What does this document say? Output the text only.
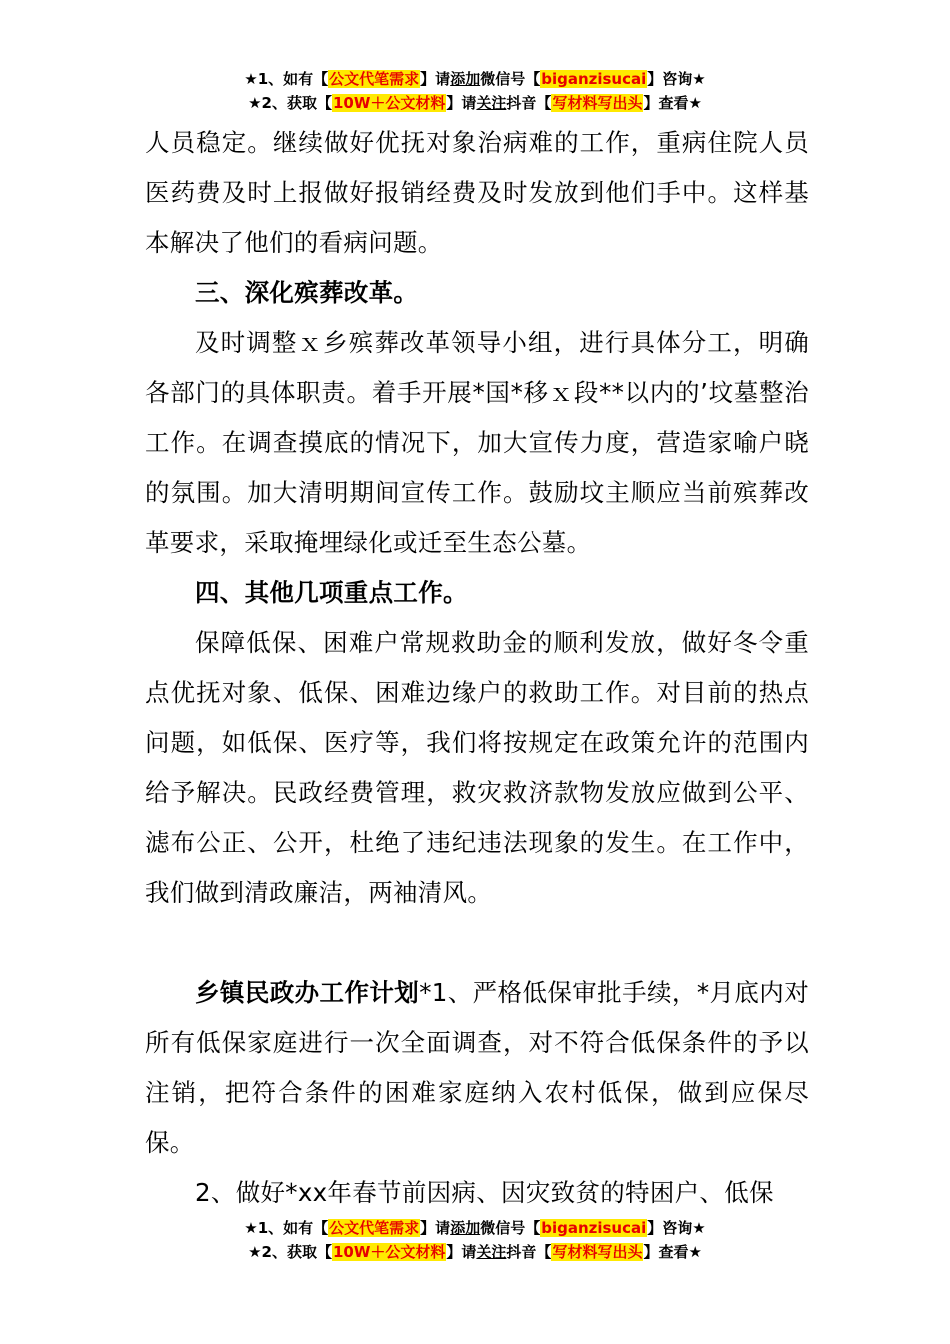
★1、如有【公文代笔需求】请添加微信号【biganzisucai】咨询★
★2、获取【10W＋公文材料】请关注抖音【写材料写出头】查看★

人员稳定。继续做好优抚对象治病难的工作，重病住院人员医药费及时上报做好报销经费及时发放到他们手中。这样基本解决了他们的看病问题。

三、深化殡葬改革。

及时调整ｘ乡殡葬改革领导小组，进行具体分工，明确各部门的具体职责。着手开展*国*移ｘ段**以内的’坟墓整治工作。在调查摸底的情况下，加大宣传力度，营造家喻户晓的氛围。加大清明期间宣传工作。鼓励坟主顺应当前殡葬改革要求，采取掩埋绿化或迁至生态公墓。

四、其他几项重点工作。

保障低保、困难户常规救助金的顺利发放，做好冬令重点优抚对象、低保、困难边缘户的救助工作。对目前的热点问题，如低保、医疗等，我们将按规定在政策允许的范围内给予解决。民政经费管理，救灾救济款物发放应做到公平、滤布公正、公开，杜绝了违纪违法现象的发生。在工作中，我们做到清政廉洁，两袖清风。

乡镇民政办工作计划*1、严格低保审批手续，*月底内对所有低保家庭进行一次全面调查，对不符合低保条件的予以注销，把符合条件的困难家庭纳入农村低保，做到应保尽保。

2、做好*xx年春节前因病、因灾致贫的特困户、低保

★1、如有【公文代笔需求】请添加微信号【biganzisucai】咨询★
★2、获取【10W＋公文材料】请关注抖音【写材料写出头】查看★
